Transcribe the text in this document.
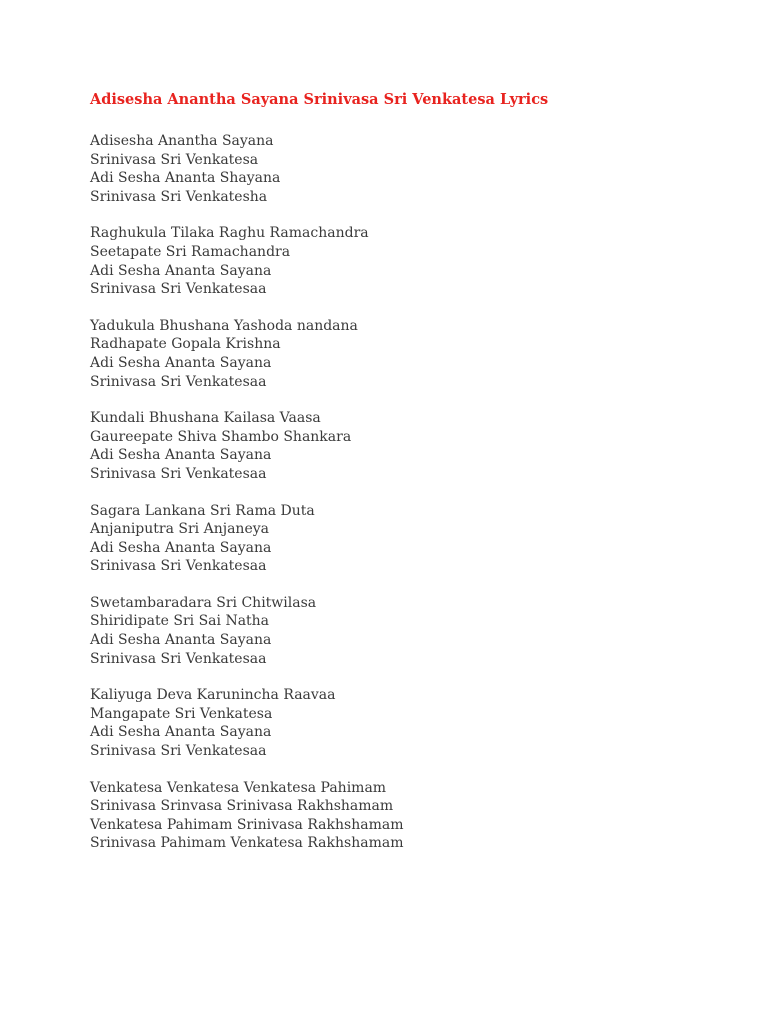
Adisesha Anantha Sayana Srinivasa Sri Venkatesa Lyrics
Adisesha Anantha Sayana
Srinivasa Sri Venkatesa
Adi Sesha Ananta Shayana
Srinivasa Sri Venkatesha
Raghukula Tilaka Raghu Ramachandra
Seetapate Sri Ramachandra
Adi Sesha Ananta Sayana
Srinivasa Sri Venkatesaa
Yadukula Bhushana Yashoda nandana
Radhapate Gopala Krishna
Adi Sesha Ananta Sayana
Srinivasa Sri Venkatesaa
Kundali Bhushana Kailasa Vaasa
Gaureepate Shiva Shambo Shankara
Adi Sesha Ananta Sayana
Srinivasa Sri Venkatesaa
Sagara Lankana Sri Rama Duta
Anjaniputra Sri Anjaneya
Adi Sesha Ananta Sayana
Srinivasa Sri Venkatesaa
Swetambaradara Sri Chitwilasa
Shiridipate Sri Sai Natha
Adi Sesha Ananta Sayana
Srinivasa Sri Venkatesaa
Kaliyuga Deva Karunincha Raavaa
Mangapate Sri Venkatesa
Adi Sesha Ananta Sayana
Srinivasa Sri Venkatesaa
Venkatesa Venkatesa Venkatesa Pahimam
Srinivasa Srinvasa Srinivasa Rakhshamam
Venkatesa Pahimam Srinivasa Rakhshamam
Srinivasa Pahimam Venkatesa Rakhshamam
